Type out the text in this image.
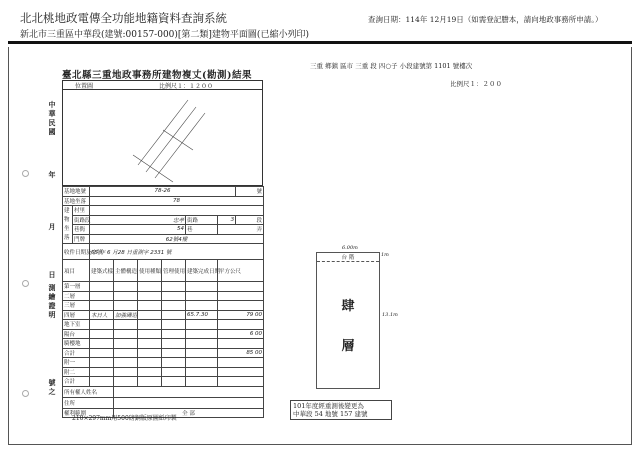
北北桃地政電傳全功能地籍資料查詢系統
新北市三重區中華段(建號:00157-000)[第二類]建物平面圖(已縮小列印)
查詢日期：114年 12月19日（如需登記謄本，請向地政事務所申請。）
中華民國
年
月
日
測繪證明
號之
臺北縣三重地政事務所建物複丈(勘測)結果
位置圖	比例尺１：１２００
基地地號		78-26						號
基地坐落		78						
建物坐落	村里							
	街路段	忠孝				街路	3	段
	巷衖	54				巷	弄	
	門牌	62號4樓						
收件日期及字號		65 年 6 月28 日重測字 2331 號						
項目		建築式樣	主體構造	使用種類	管理使用	建築完成日期	平方公尺	
第一層								
二層								
三層								
四層		木日人	加強磚造			65.7.30	79 00	
地下室								
陽台							6 00	
騎樓地								
合計							85 00	
附一								
附二								
合計								
所有權人姓名								
住所								
權利範圍			全 部					
210×297mm用500磅銅版原圖紙印製
三重 鄉鎮 區市 三重 段 四○子 小段建號第 1101 號樓次
比例尺１：２００
6.00m
1m
13.1m
台 階
肆
層
101年度經重測後變更為
中華段 54 地號 157 建號
